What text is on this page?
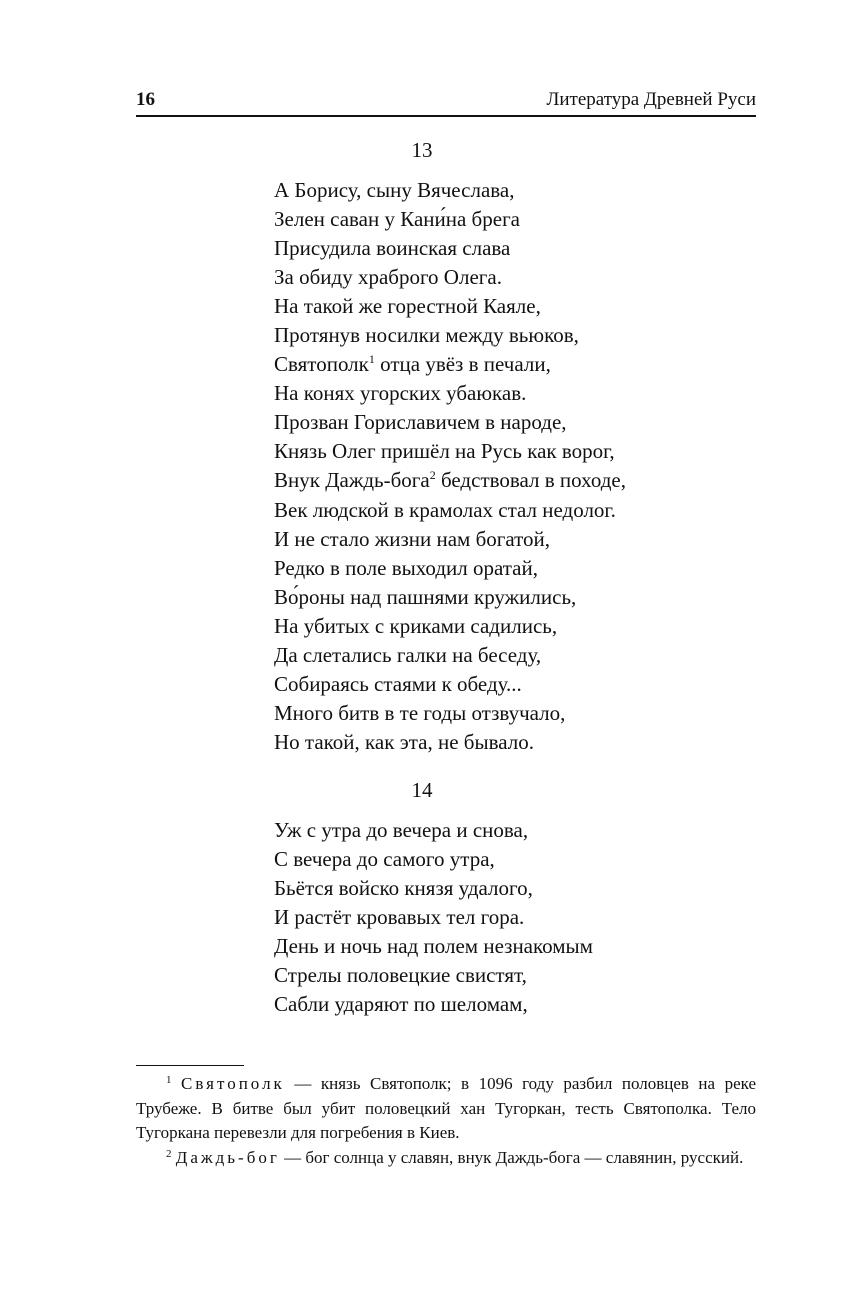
16	Литература Древней Руси
13
А Борису, сыну Вячеслава,
Зелен саван у Кани́на брега
Присудила воинская слава
За обиду храброго Олега.
На такой же горестной Каяле,
Протянув носилки между вьюков,
Святополк$^1$ отца увёз в печали,
На конях угорских убаюкав.
Прозван Гориславичем в народе,
Князь Олег пришёл на Русь как ворог,
Внук Даждь-бога$^2$ бедствовал в походе,
Век людской в крамолах стал недолог.
И не стало жизни нам богатой,
Редко в поле выходил оратай,
Во́роны над пашнями кружились,
На убитых с криками садились,
Да слетались галки на беседу,
Собираясь стаями к обеду...
Много битв в те годы отзвучало,
Но такой, как эта, не бывало.
14
Уж с утра до вечера и снова,
С вечера до самого утра,
Бьётся войско князя удалого,
И растёт кровавых тел гора.
День и ночь над полем незнакомым
Стрелы половецкие свистят,
Сабли ударяют по шеломам,

$^1$ Святополк — князь Святополк; в 1096 году разбил половцев на реке Трубеже. В битве был убит половецкий хан Тугоркан, тесть Святополка. Тело Тугоркана перевезли для погребения в Киев.

$^2$ Даждь-бог — бог солнца у славян, внук Даждь-бога — славянин, русский.
